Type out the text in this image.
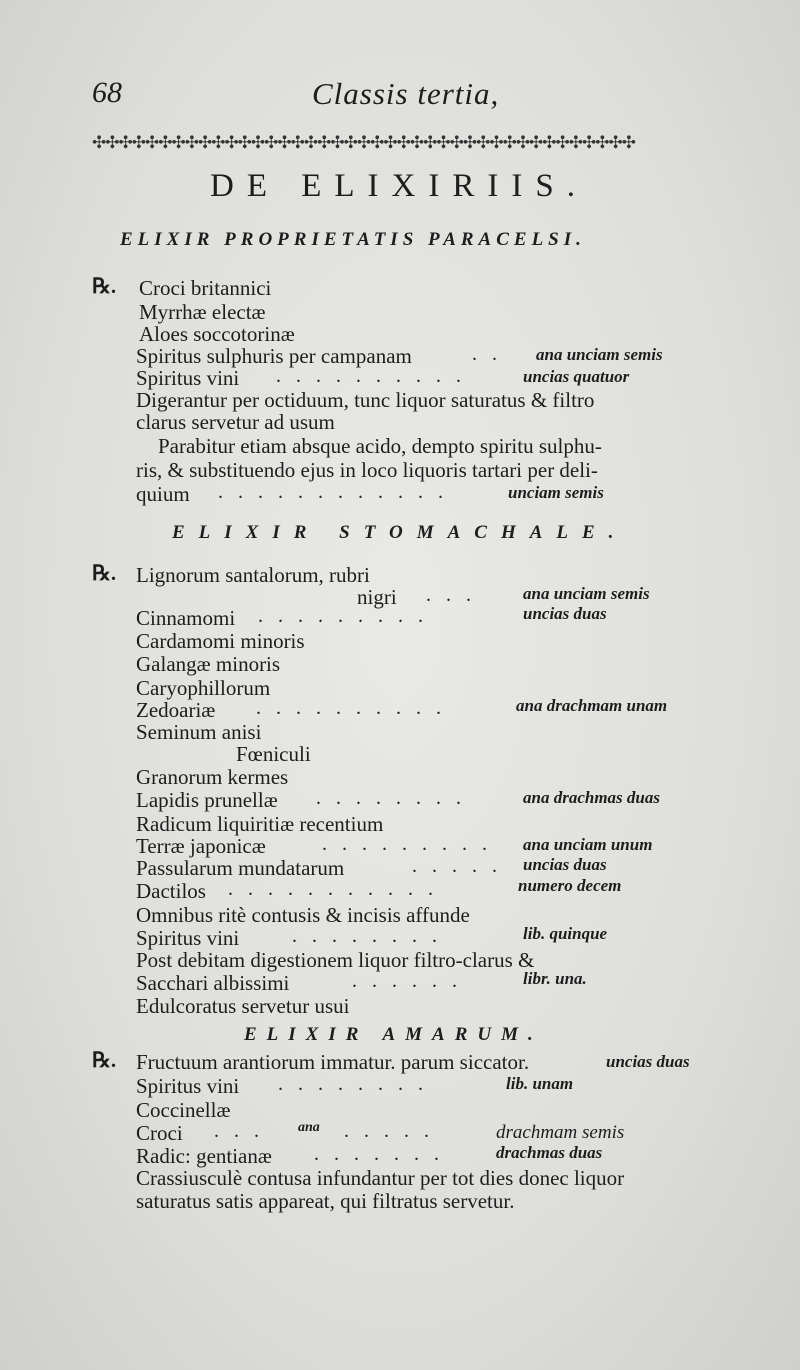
68	Classis tertia,
✣✣✣✣✣✣✣✣✣✣✣✣✣✣✣✣✣✣✣✣✣✣✣✣✣✣✣✣✣✣✣✣✣✣✣✣✣✣✣✣✣
DE ELIXIRIIS.
ELIXIR PROPRIETATIS PARACELSI.
℞. Croci britannici
Myrrhæ electæ
Aloes soccotorinæ
Spiritus sulphuris per campanam	. . ana unciam semis
Spiritus vini . . . . . . . . . .	uncias quatuor
Digerantur per octiduum, tunc liquor saturatus & filtro
clarus servetur ad usum
Parabitur etiam absque acido, dempto spiritu sulphu-
ris, & substituendo ejus in loco liquoris tartari per deli-
quium . . . . . . . . . . . .	unciam semis
ELIXIR STOMACHALE.
℞. Lignorum santalorum, rubri
nigri . . .	ana unciam semis
Cinnamomi . . . . . . . . .	uncias duas
Cardamomi minoris
Galangæ minoris
Caryophillorum
Zedoariæ . . . . . . . . . .	ana drachmam unam
Seminum anisi
Fœniculi
Granorum kermes
Lapidis prunellæ . . . . . . . .	ana drachmas duas
Radicum liquiritiæ recentium
Terræ japonicæ	. . . . . . . . . ana unciam unum
Passularum mundatarum	. . . . . uncias duas
Dactilos . . . . . . . . . . .	numero decem
Omnibus ritè contusis & incisis affunde
Spiritus vini	. . . . . . . .	lib. quinque
Post debitam digestionem liquor filtro-clarus &
Sacchari albissimi	. . . . . .	libr. una.
Edulcoratus servetur usui
ELIXIR AMARUM.
℞. Fructuum arantiorum immatur. parum siccator.	uncias duas
Spiritus vini . . . . . . . .	lib. unam
Coccinellæ
Croci . . . ana . . . . .	drachmam semis
Radic: gentianæ . . . . . . .	drachmas duas
Crassiusculè contusa infundantur per tot dies donec liquor
saturatus satis appareat, qui filtratus servetur.
